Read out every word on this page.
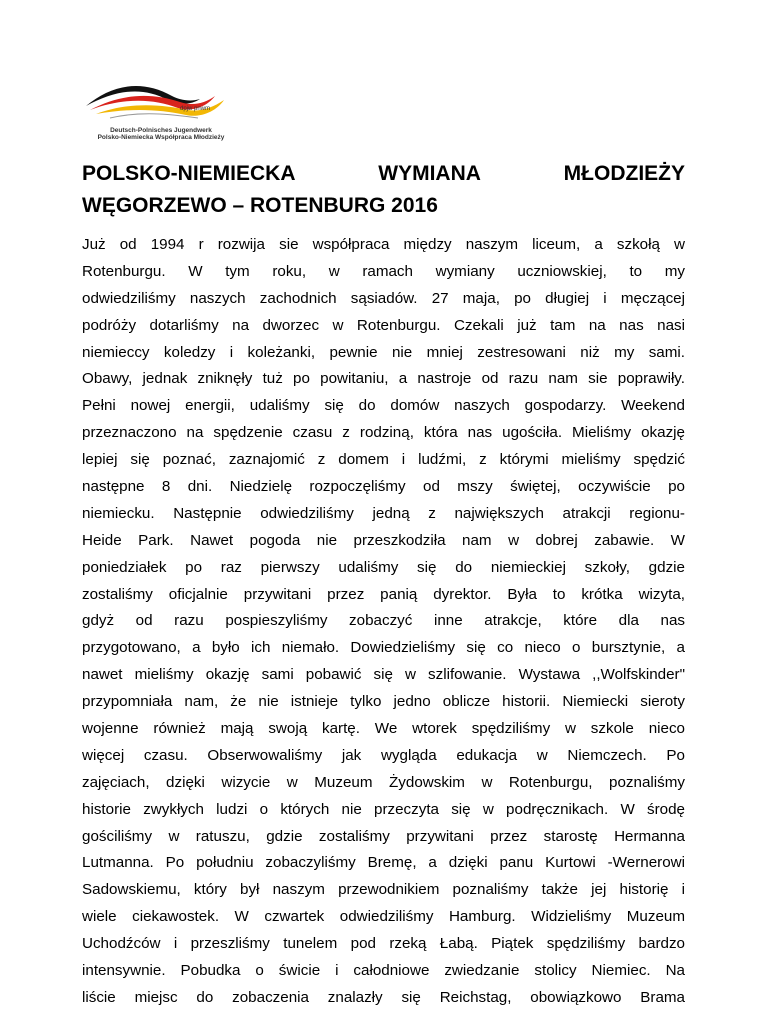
dpjw pnwm
Deutsch-Polnisches Jugendwerk
Polsko-Niemiecka Współpraca Młodzieży
POLSKO-NIEMIECKA	WYMIANA	MŁODZIEŻY
WĘGORZEWO – ROTENBURG 2016
Już od 1994 r rozwija sie współpraca między naszym liceum, a szkołą w
Rotenburgu. W tym roku, w ramach wymiany uczniowskiej, to my
odwiedziliśmy naszych zachodnich sąsiadów. 27 maja, po długiej i męczącej
podróży dotarliśmy na dworzec w Rotenburgu. Czekali już tam na nas nasi
niemieccy koledzy i koleżanki, pewnie nie mniej zestresowani niż my sami.
Obawy, jednak zniknęły tuż po powitaniu, a nastroje od razu nam sie poprawiły.
Pełni nowej energii, udaliśmy się do domów naszych gospodarzy. Weekend
przeznaczono na spędzenie czasu z rodziną, która nas ugościła. Mieliśmy okazję
lepiej się poznać, zaznajomić z domem i ludźmi, z którymi mieliśmy spędzić
następne 8 dni. Niedzielę rozpoczęliśmy od mszy świętej, oczywiście po
niemiecku. Następnie odwiedziliśmy jedną z największych atrakcji regionu-
Heide Park. Nawet pogoda nie przeszkodziła nam w dobrej zabawie. W
poniedziałek po raz pierwszy udaliśmy się do niemieckiej szkoły, gdzie
zostaliśmy oficjalnie przywitani przez panią dyrektor. Była to krótka wizyta,
gdyż od razu pospieszyliśmy zobaczyć inne atrakcje, które dla nas
przygotowano, a było ich niemało. Dowiedzieliśmy się co nieco o bursztynie, a
nawet mieliśmy okazję sami pobawić się w szlifowanie. Wystawa ,,Wolfskinder"
przypomniała nam, że nie istnieje tylko jedno oblicze historii. Niemiecki sieroty
wojenne również mają swoją kartę. We wtorek spędziliśmy w szkole nieco
więcej czasu. Obserwowaliśmy jak wygląda edukacja w Niemczech. Po
zajęciach, dzięki wizycie w Muzeum Żydowskim w Rotenburgu, poznaliśmy
historie zwykłych ludzi o których nie przeczyta się w podręcznikach. W środę
gościliśmy w ratuszu, gdzie zostaliśmy przywitani przez starostę Hermanna
Lutmanna. Po południu zobaczyliśmy Bremę, a dzięki panu Kurtowi -Wernerowi
Sadowskiemu, który był naszym przewodnikiem poznaliśmy także jej historię i
wiele ciekawostek. W czwartek odwiedziliśmy Hamburg. Widzieliśmy Muzeum
Uchodźców i przeszliśmy tunelem pod rzeką Łabą. Piątek spędziliśmy bardzo
intensywnie. Pobudka o świcie i całodniowe zwiedzanie stolicy Niemiec. Na
liście miejsc do zobaczenia znalazły się Reichstag, obowiązkowo Brama
